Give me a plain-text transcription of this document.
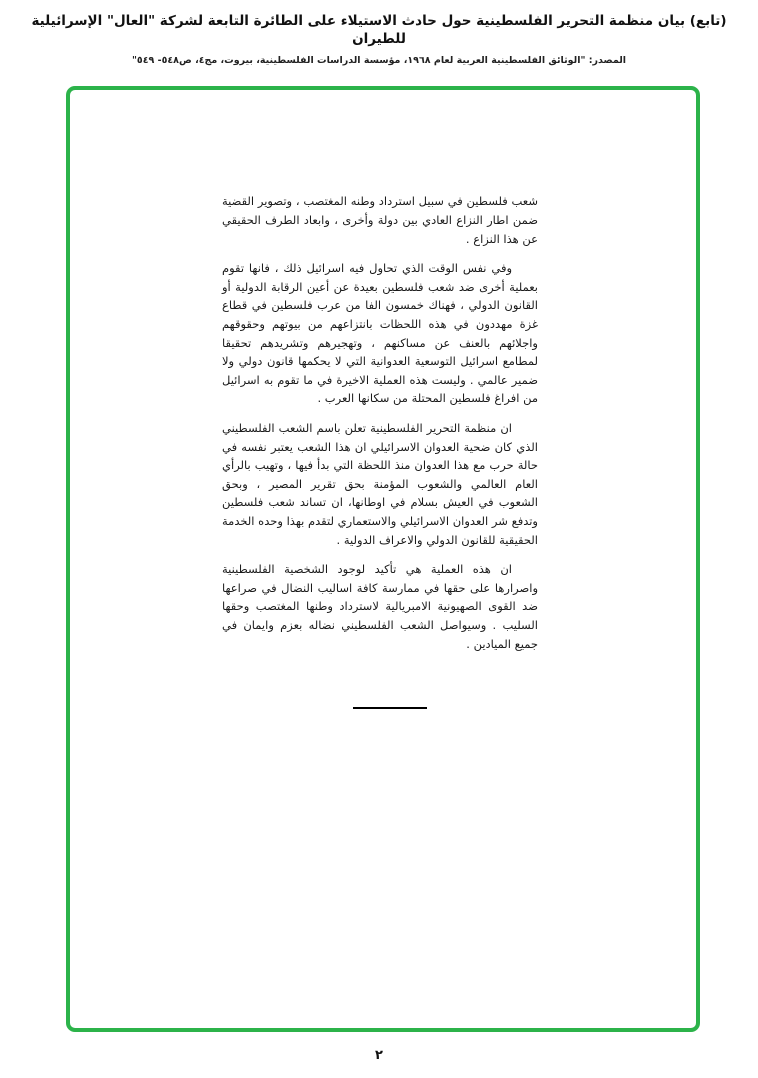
(تابع) بيان منظمة التحرير الفلسطينية حول حادث الاستيلاء على الطائرة التابعة لشركة "العال" الإسرائيلية للطيران
المصدر: "الوثائق الفلسطينية العربية لعام ١٩٦٨، مؤسسة الدراسات الفلسطينية، بيروت، مج٤، ص٥٤٨- ٥٤٩"

شعب فلسطين في سبيل استرداد وطنه المغتصب ، وتصوير القضية ضمن اطار النزاع العادي بين دولة وأخرى ، وابعاد الطرف الحقيقي عن هذا النزاع .

وفي نفس الوقت الذي تحاول فيه اسرائيل ذلك ، فانها تقوم بعملية أخرى ضد شعب فلسطين بعيدة عن أعين الرقابة الدولية أو القانون الدولي ، فهناك خمسون الفا من عرب فلسطين في قطاع غزة مهددون في هذه اللحظات بانتزاعهم من بيوتهم وحقوقهم واجلائهم بالعنف عن مساكنهم ، وتهجيرهم وتشريدهم تحقيقا لمطامع اسرائيل التوسعية العدوانية التي لا يحكمها قانون دولي ولا ضمير عالمي . وليست هذه العملية الاخيرة في ما تقوم به اسرائيل من افراغ فلسطين المحتلة من سكانها العرب .

ان منظمة التحرير الفلسطينية تعلن باسم الشعب الفلسطيني الذي كان ضحية العدوان الاسرائيلي ان هذا الشعب يعتبر نفسه في حالة حرب مع هذا العدوان منذ اللحظة التي بدأ فيها ، وتهيب بالرأي العام العالمي والشعوب المؤمنة بحق تقرير المصير ، وبحق الشعوب في العيش بسلام في اوطانها، ان تساند شعب فلسطين وتدفع شر العدوان الاسرائيلي والاستعماري لتقدم بهذا وحده الخدمة الحقيقية للقانون الدولي والاعراف الدولية .

ان هذه العملية هي تأكيد لوجود الشخصية الفلسطينية واصرارها على حقها في ممارسة كافة اساليب النضال في صراعها ضد القوى الصهيونية الامبريالية لاسترداد وطنها المغتصب وحقها السليب . وسيواصل الشعب الفلسطيني نضاله بعزم وايمان في جميع الميادين .

٢
